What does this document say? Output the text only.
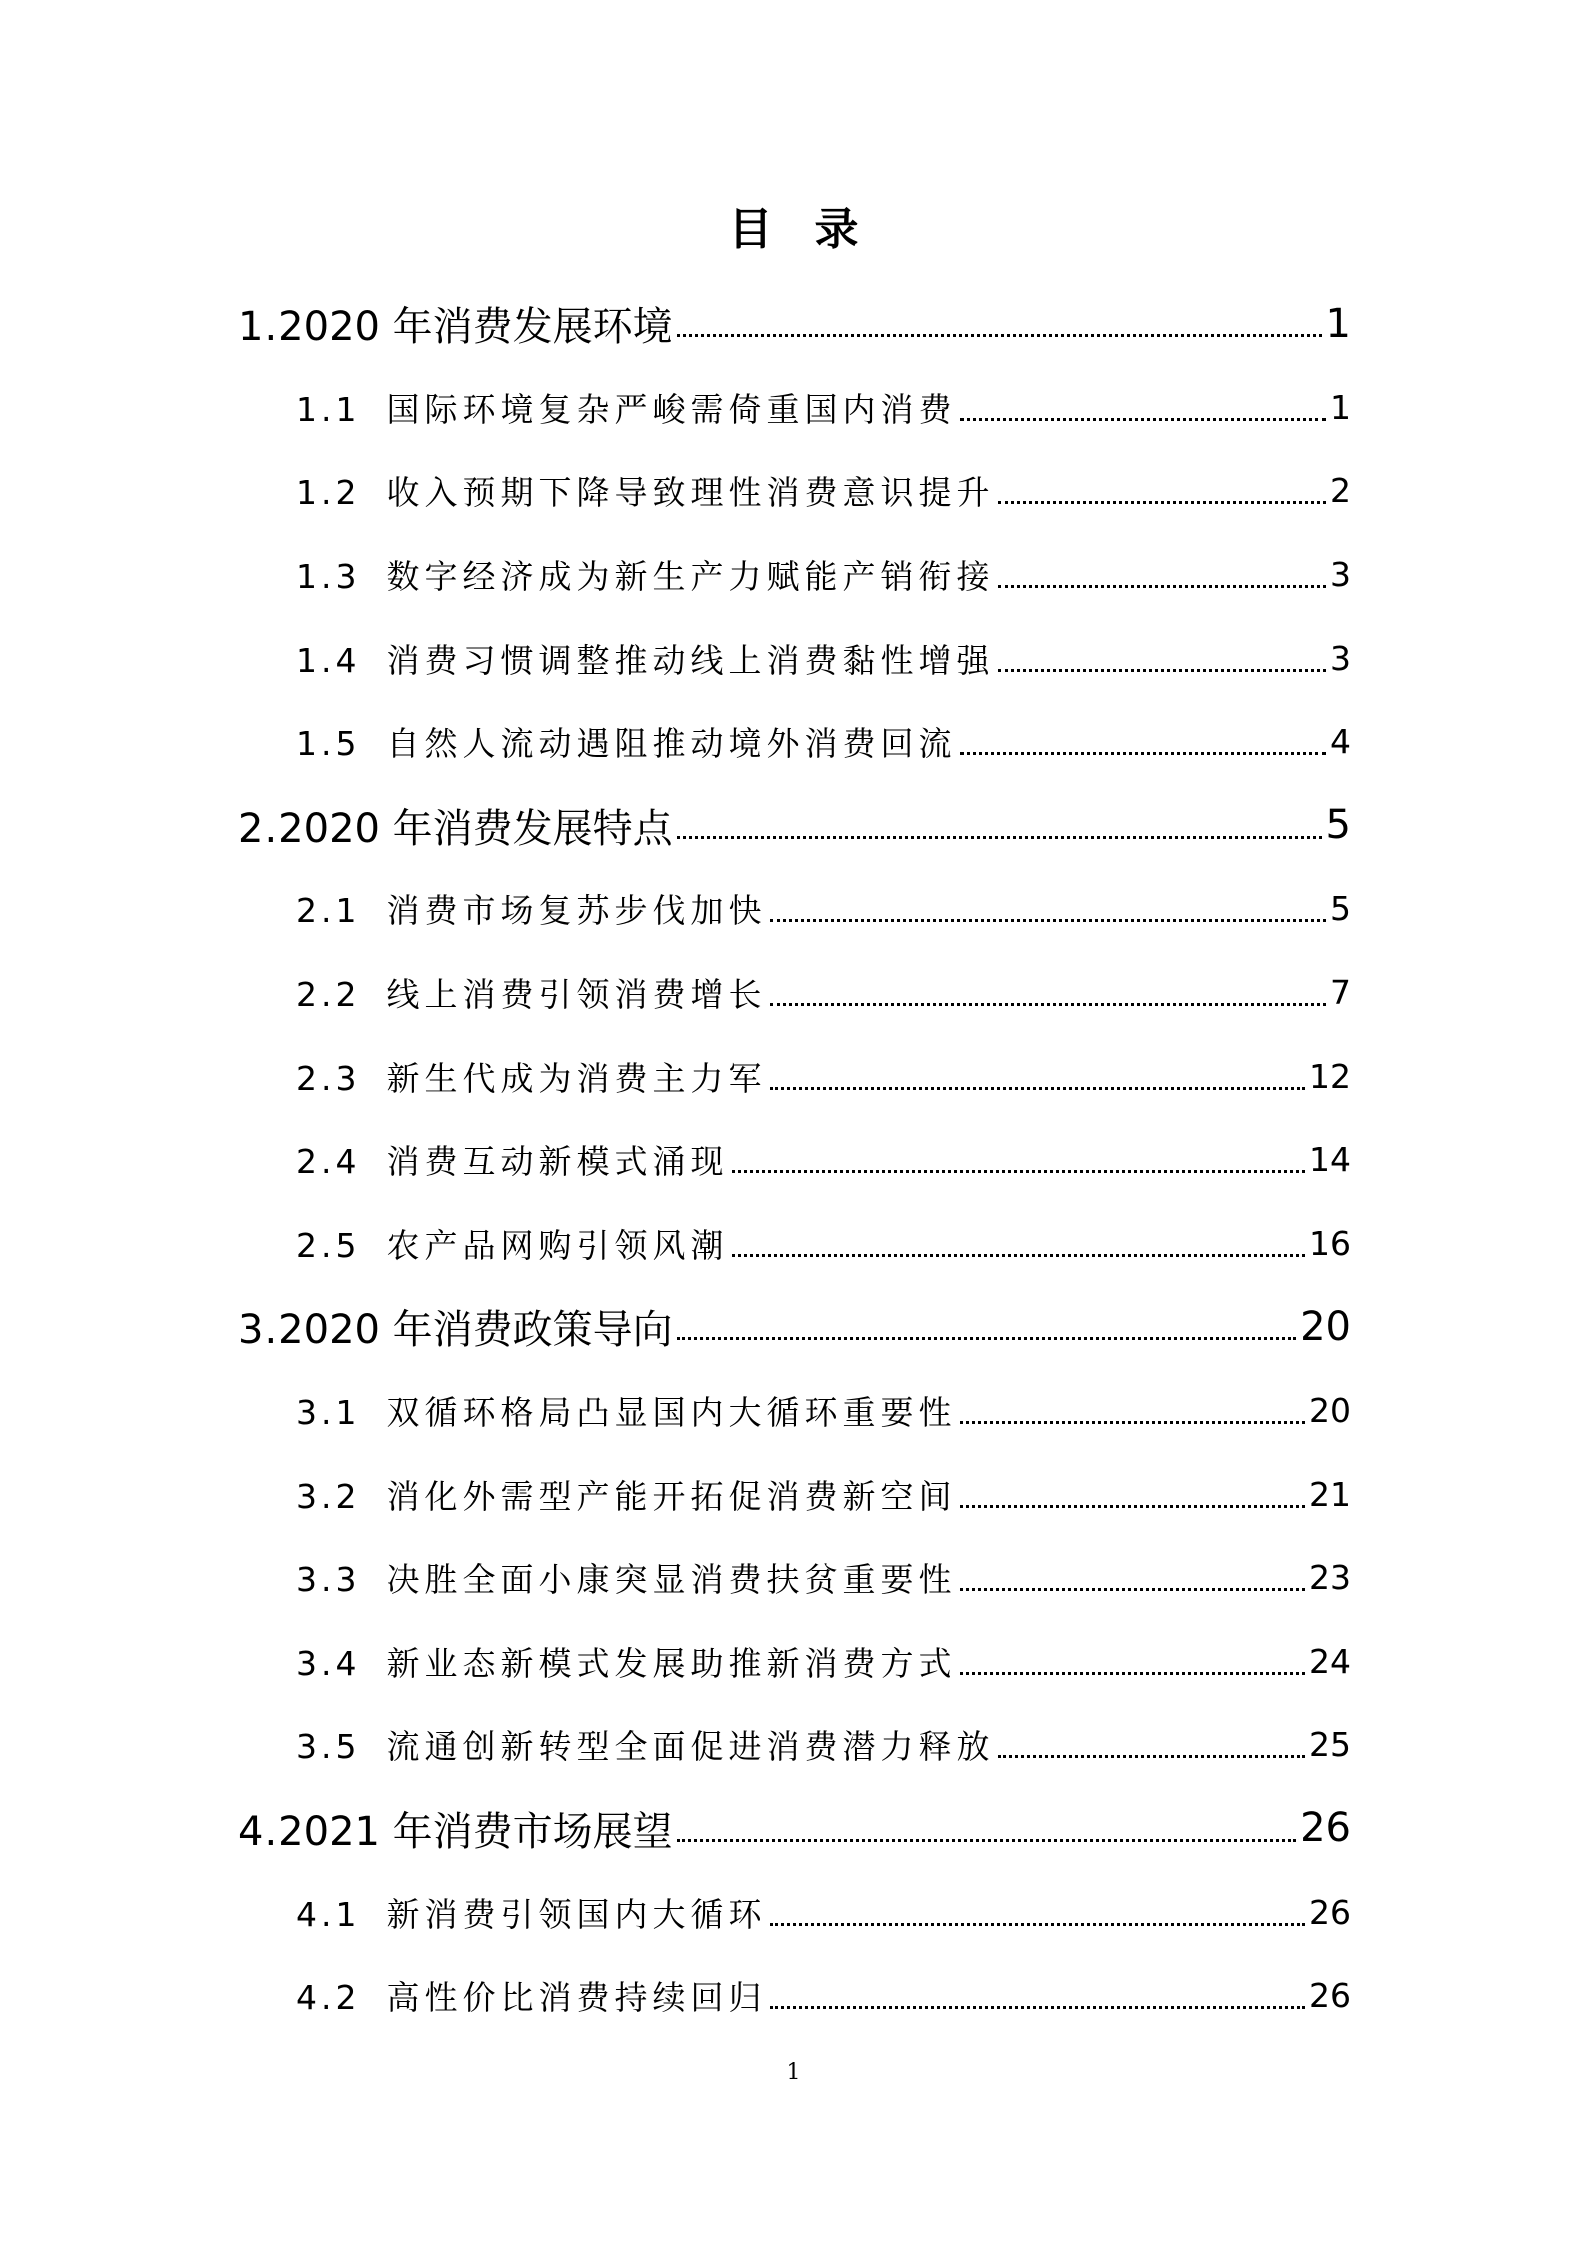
目录
1. 2020 年消费发展环境	1
1.1 国际环境复杂严峻需倚重国内消费	1
1.2 收入预期下降导致理性消费意识提升	2
1.3 数字经济成为新生产力赋能产销衔接	3
1.4 消费习惯调整推动线上消费黏性增强	3
1.5 自然人流动遇阻推动境外消费回流	4
2. 2020 年消费发展特点	5
2.1 消费市场复苏步伐加快	5
2.2 线上消费引领消费增长	7
2.3 新生代成为消费主力军	12
2.4 消费互动新模式涌现	14
2.5 农产品网购引领风潮	16
3. 2020 年消费政策导向	20
3.1 双循环格局凸显国内大循环重要性	20
3.2 消化外需型产能开拓促消费新空间	21
3.3 决胜全面小康突显消费扶贫重要性	23
3.4 新业态新模式发展助推新消费方式	24
3.5 流通创新转型全面促进消费潜力释放	25
4. 2021 年消费市场展望	26
4.1 新消费引领国内大循环	26
4.2 高性价比消费持续回归	26
1
